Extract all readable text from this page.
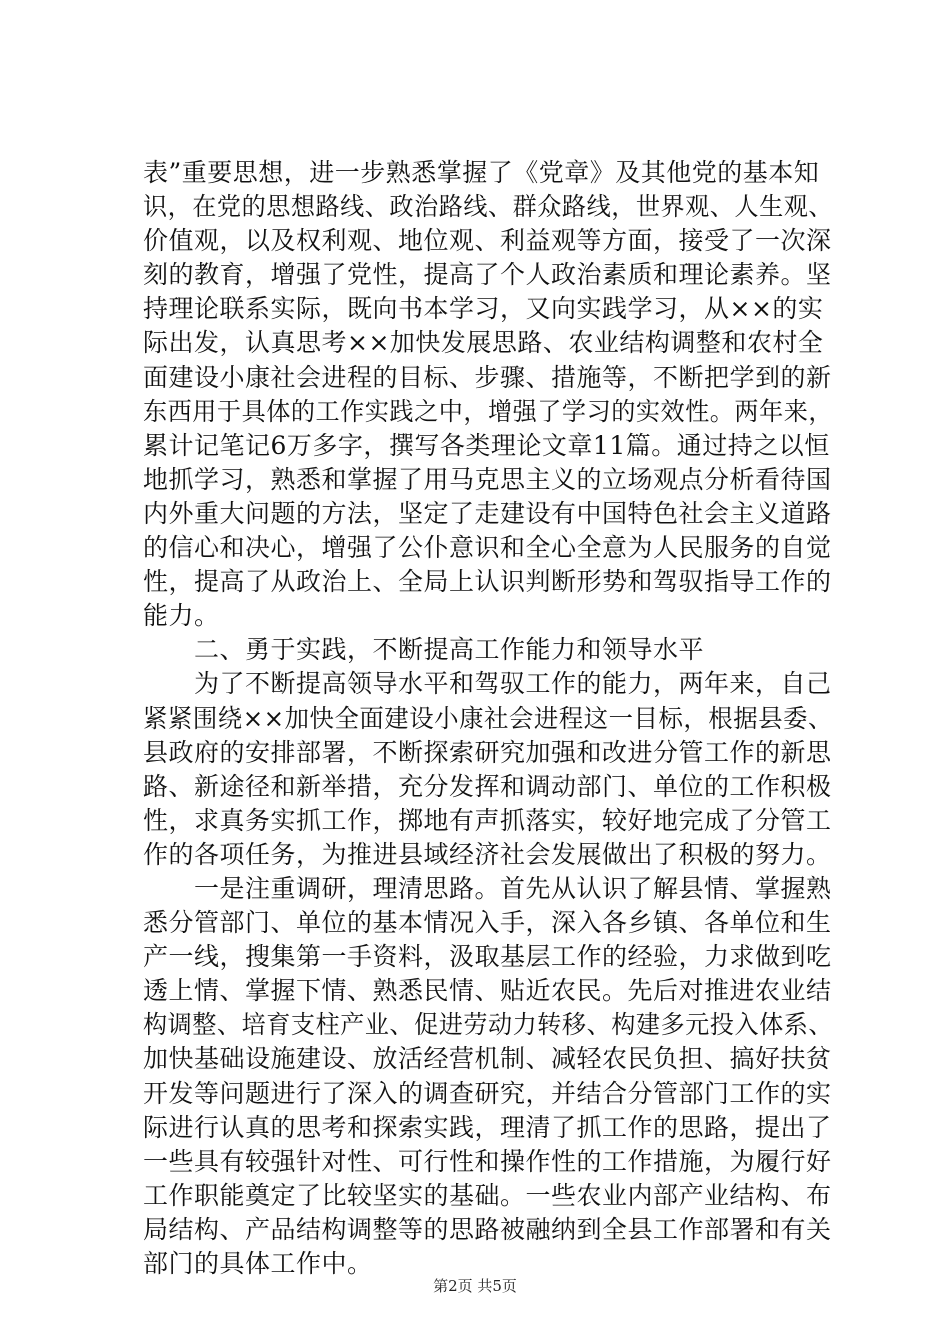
表”重要思想，进一步熟悉掌握了《党章》及其他党的基本知
识，在党的思想路线、政治路线、群众路线，世界观、人生观、
价值观，以及权利观、地位观、利益观等方面，接受了一次深
刻的教育，增强了党性，提高了个人政治素质和理论素养。坚
持理论联系实际，既向书本学习，又向实践学习，从××的实
际出发，认真思考××加快发展思路、农业结构调整和农村全
面建设小康社会进程的目标、步骤、措施等，不断把学到的新
东西用于具体的工作实践之中，增强了学习的实效性。两年来，
累计记笔记6万多字，撰写各类理论文章11篇。通过持之以恒
地抓学习，熟悉和掌握了用马克思主义的立场观点分析看待国
内外重大问题的方法，坚定了走建设有中国特色社会主义道路
的信心和决心，增强了公仆意识和全心全意为人民服务的自觉
性，提高了从政治上、全局上认识判断形势和驾驭指导工作的
能力。
　　二、勇于实践，不断提高工作能力和领导水平
　　为了不断提高领导水平和驾驭工作的能力，两年来，自己
紧紧围绕××加快全面建设小康社会进程这一目标，根据县委、
县政府的安排部署，不断探索研究加强和改进分管工作的新思
路、新途径和新举措，充分发挥和调动部门、单位的工作积极
性，求真务实抓工作，掷地有声抓落实，较好地完成了分管工
作的各项任务，为推进县域经济社会发展做出了积极的努力。
　　一是注重调研，理清思路。首先从认识了解县情、掌握熟
悉分管部门、单位的基本情况入手，深入各乡镇、各单位和生
产一线，搜集第一手资料，汲取基层工作的经验，力求做到吃
透上情、掌握下情、熟悉民情、贴近农民。先后对推进农业结
构调整、培育支柱产业、促进劳动力转移、构建多元投入体系、
加快基础设施建设、放活经营机制、减轻农民负担、搞好扶贫
开发等问题进行了深入的调查研究，并结合分管部门工作的实
际进行认真的思考和探索实践，理清了抓工作的思路，提出了
一些具有较强针对性、可行性和操作性的工作措施，为履行好
工作职能奠定了比较坚实的基础。一些农业内部产业结构、布
局结构、产品结构调整等的思路被融纳到全县工作部署和有关
部门的具体工作中。
第2页 共5页
